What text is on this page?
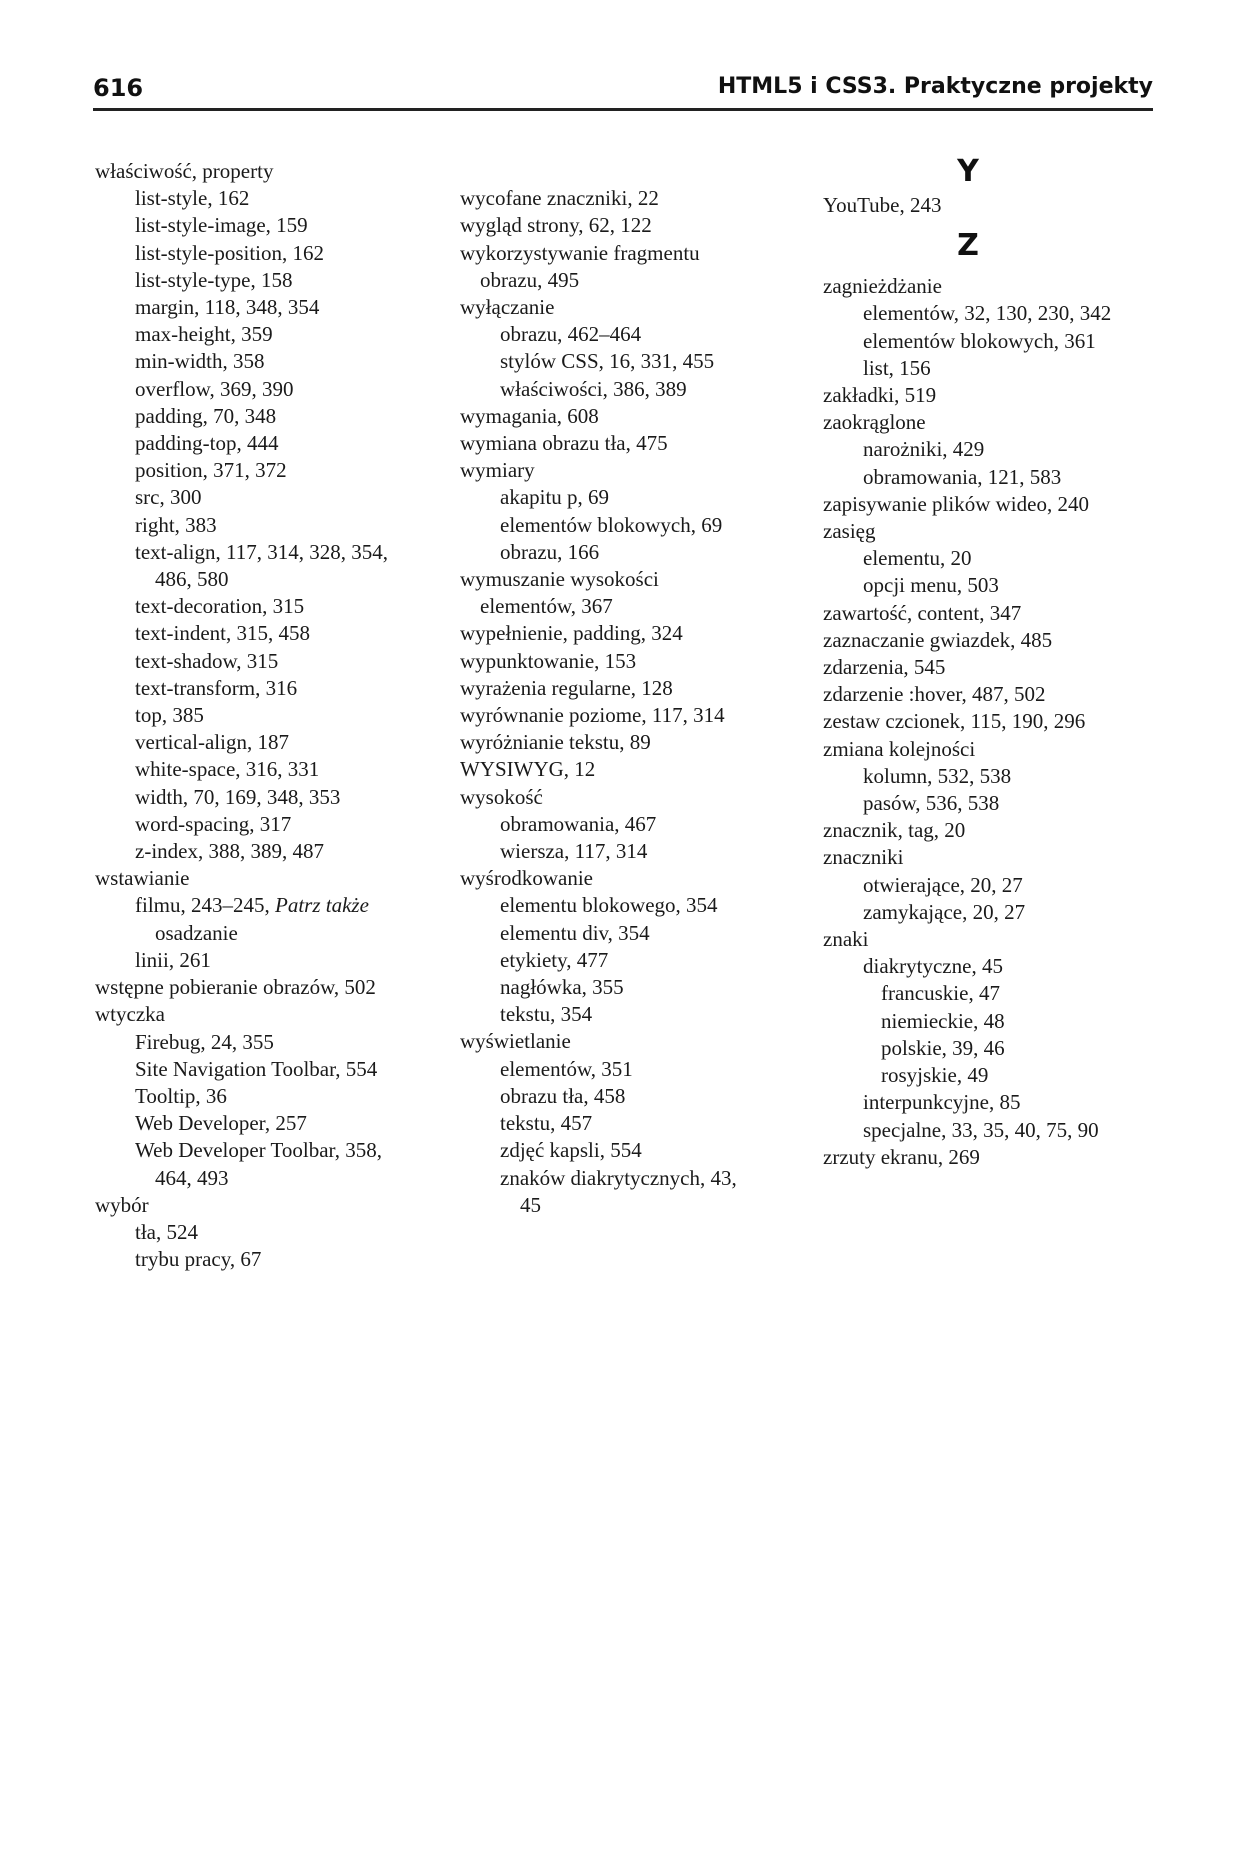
616	HTML5 i CSS3. Praktyczne projekty
właściwość, property
list-style, 162
list-style-image, 159
list-style-position, 162
list-style-type, 158
margin, 118, 348, 354
max-height, 359
min-width, 358
overflow, 369, 390
padding, 70, 348
padding-top, 444
position, 371, 372
src, 300
right, 383
text-align, 117, 314, 328, 354,
486, 580
text-decoration, 315
text-indent, 315, 458
text-shadow, 315
text-transform, 316
top, 385
vertical-align, 187
white-space, 316, 331
width, 70, 169, 348, 353
word-spacing, 317
z-index, 388, 389, 487
wstawianie
filmu, 243–245, Patrz także
osadzanie
linii, 261
wstępne pobieranie obrazów, 502
wtyczka
Firebug, 24, 355
Site Navigation Toolbar, 554
Tooltip, 36
Web Developer, 257
Web Developer Toolbar, 358,
464, 493
wybór
tła, 524
trybu pracy, 67
wycofane znaczniki, 22
wygląd strony, 62, 122
wykorzystywanie fragmentu
obrazu, 495
wyłączanie
obrazu, 462–464
stylów CSS, 16, 331, 455
właściwości, 386, 389
wymagania, 608
wymiana obrazu tła, 475
wymiary
akapitu p, 69
elementów blokowych, 69
obrazu, 166
wymuszanie wysokości
elementów, 367
wypełnienie, padding, 324
wypunktowanie, 153
wyrażenia regularne, 128
wyrównanie poziome, 117, 314
wyróżnianie tekstu, 89
WYSIWYG, 12
wysokość
obramowania, 467
wiersza, 117, 314
wyśrodkowanie
elementu blokowego, 354
elementu div, 354
etykiety, 477
nagłówka, 355
tekstu, 354
wyświetlanie
elementów, 351
obrazu tła, 458
tekstu, 457
zdjęć kapsli, 554
znaków diakrytycznych, 43,
45
Y
YouTube, 243
Z
zagnieżdżanie
elementów, 32, 130, 230, 342
elementów blokowych, 361
list, 156
zakładki, 519
zaokrąglone
narożniki, 429
obramowania, 121, 583
zapisywanie plików wideo, 240
zasięg
elementu, 20
opcji menu, 503
zawartość, content, 347
zaznaczanie gwiazdek, 485
zdarzenia, 545
zdarzenie :hover, 487, 502
zestaw czcionek, 115, 190, 296
zmiana kolejności
kolumn, 532, 538
pasów, 536, 538
znacznik, tag, 20
znaczniki
otwierające, 20, 27
zamykające, 20, 27
znaki
diakrytyczne, 45
francuskie, 47
niemieckie, 48
polskie, 39, 46
rosyjskie, 49
interpunkcyjne, 85
specjalne, 33, 35, 40, 75, 90
zrzuty ekranu, 269
